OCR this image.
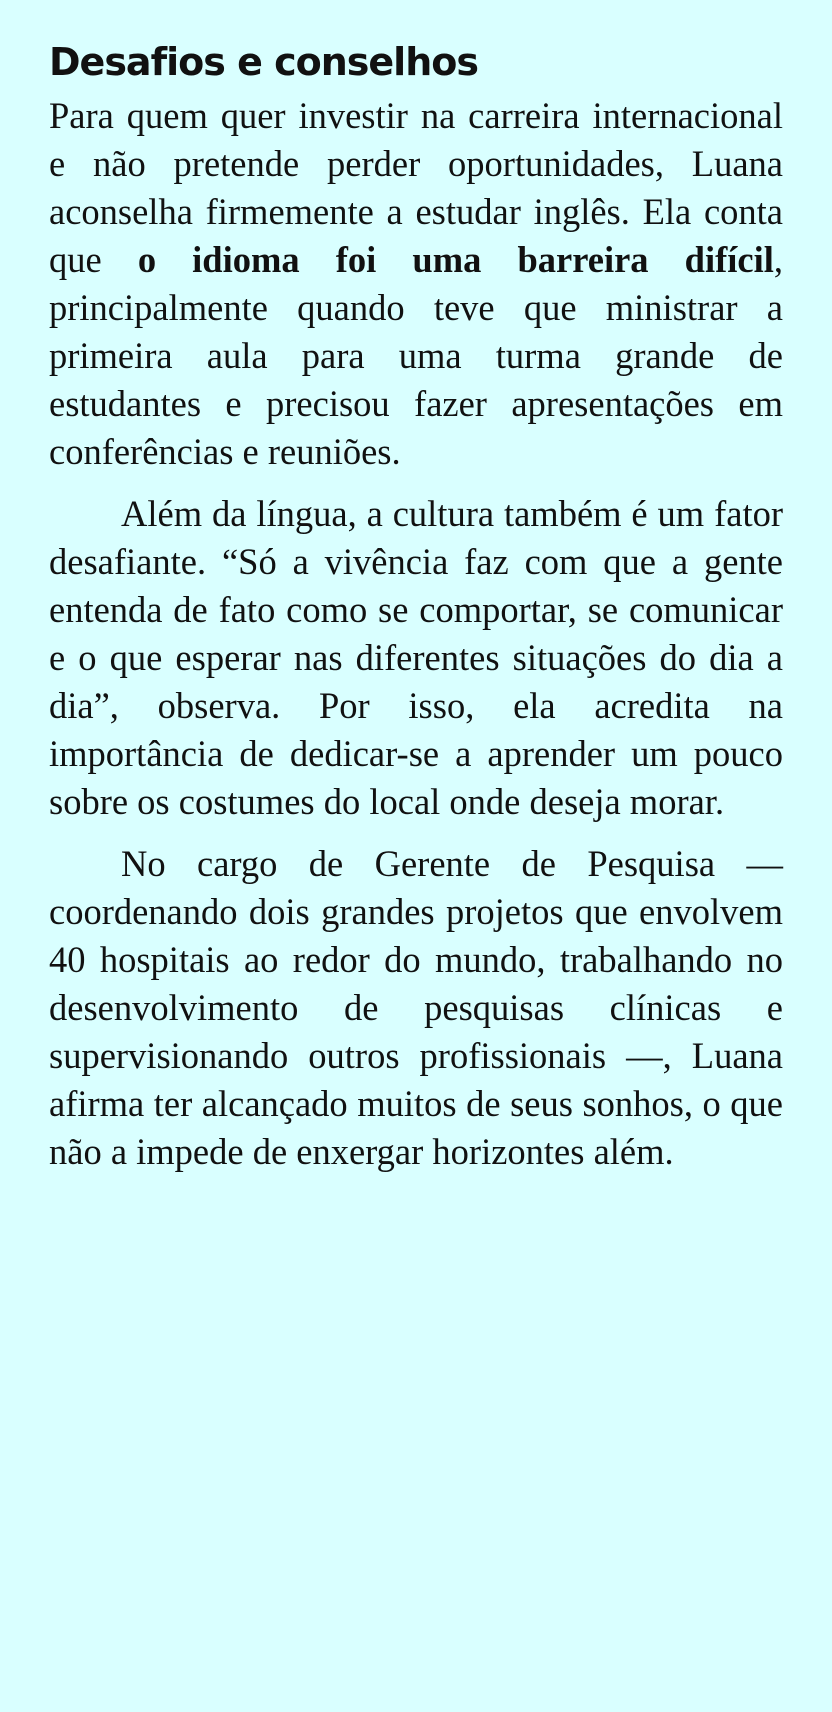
Desafios e conselhos

Para quem quer investir na carreira internacional e não pretende perder oportunidades, Luana aconselha firmemente a estudar inglês. Ela conta que o idioma foi uma barreira difícil, principalmente quando teve que ministrar a primeira aula para uma turma grande de estudantes e precisou fazer apresentações em conferências e reuniões.

Além da língua, a cultura também é um fator desafiante. “Só a vivência faz com que a gente entenda de fato como se comportar, se comunicar e o que esperar nas diferentes situações do dia a dia”, observa. Por isso, ela acredita na importância de dedicar-se a aprender um pouco sobre os costumes do local onde deseja morar.

No cargo de Gerente de Pesquisa — coordenando dois grandes projetos que envolvem 40 hospitais ao redor do mundo, trabalhando no desenvolvimento de pesquisas clínicas e supervisionando outros profissionais —, Luana afirma ter alcançado muitos de seus sonhos, o que não a impede de enxergar horizontes além.
